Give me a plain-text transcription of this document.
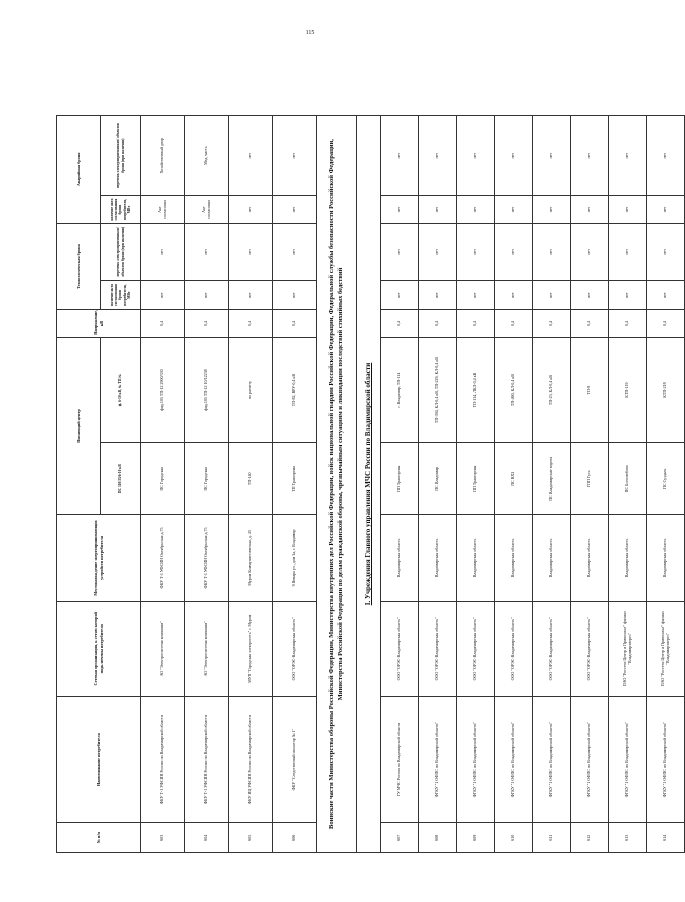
115
№ п/п	Наименование потребителя	Сетевая организация, к сетям которой подключены потребители	Местонахождение энергопринимающих устройств потребителя	Питающий центр		Напряжение, кВ	Технологическая броня		Аварийная броня	
				ПС 110/35/6-10 кВ	ф. 6-10 кВ, № ТП №		наличие акта согласования брони потребителя, МВт	перечень электроприемников/ объектов брони (при наличии)	наличие акта согласования брони потребителя, МВт	перечень электроприемников/ объектов брони (при наличии)
603	ФКУ Т-1 УФСИН России по Владимирской области	АО "Электросистема компании"	ФКУ Т-1 УФСИН Октябрьская д.75	ПС Городская	фид.105 ТП-12 2900/330	0,4	нет	нет	Акт согласован	Хозяйственный двор
604	ФКУ Т-1 УФСИН России по Владимирской области	АО "Электросистема компании"	ФКУ Т-1 УФСИН Октябрьская д.75	ПС Городская	фид.105 ТП-12 10/12238	0,4	нет	нет	Акт согласован	Мед. часть
605	ФКУ ИЦ УФСИН России по Владимирской области	МУП "Городская электросеть" г. Муром	Муром Коммунистическая, д. 43	ТП-140	по расчету	0,4	нет	нет	нет	нет
606	ФКУ "Следственный изолятор № 1"	ООО "ОРЭС-Владимирская область"	9 Января ул., дом 3а, г. Владимир	ТП Тракторная	ТП-82, ВРУ-0,4 кВ	0,4	нет	нет	нет	нет
Воинские части Министерства обороны Российской Федерации, Министерства внутренних дел Российской Федерации, войск национальной гвардии Российской Федерации, Федеральной службы безопасности Российской Федерации, Министерства Российской Федерации по делам гражданской обороны, чрезвычайным ситуациям и ликвидации последствий стихийных бедствий										
I. Учреждения Главного управления МЧС России по Владимирской области										
607	ГУ МЧС России по Владимирской области	ООО "ОРЭС-Владимирская область"	Владимирская область	ПП Тракторная	г. Владимир, ТП-114	0,4	нет	нет	нет	нет
608	ФГКУ "1 ОФПС по Владимирской области"	ООО "ОРЭС-Владимирская область"	Владимирская область	ПС Владимир	ТП-394, КЛ-0,4 кВ, ТП-229, КЛ-0,4 кВ	0,4	нет	нет	нет	нет
609	ФГКУ "1 ОФПС по Владимирской области"	ООО "ОРЭС-Владимирская область"	Владимирская область	ПП Тракторная	ТП-114, ЛКЛ-0,4 кВ	0,4	нет	нет	нет	нет
610	ФГКУ "1 ОФПС по Владимирской области"	ООО "ОРЭС-Владимирская область"	Владимирская область	ПС ВХЗ	ТП-460, КЛ-0,4 кВ	0,4	нет	нет	нет	нет
611	ФГКУ "1 ОФПС по Владимирской области"	ООО "ОРЭС-Владимирская область"	Владимирская область	ПС Владимирские ворота	ТП-23, КЛ-0,4 кВ	0,4	нет	нет	нет	нет
612	ФГКУ "1 ОФПС по Владимирской области"	ООО "ОРЭС-Владимирская область"	Владимирская область	ГПП Гусь	ТП-8	0,4	нет	нет	нет	нет
613	ФГКУ "1 ОФПС по Владимирской области"	ПАО "Россети Центр и Приволжье" филиал "Владимирэнерго"	Владимирская область	ПС Боголюбово	КТП-119	0,4	нет	нет	нет	нет
614	ФГКУ "1 ОФПС по Владимирской области"	ПАО "Россети Центр и Приволжье" филиал "Владимирэнерго"	Владимирская область	ПС Суздаль	КТП-218	0,4	нет	нет	нет	нет
